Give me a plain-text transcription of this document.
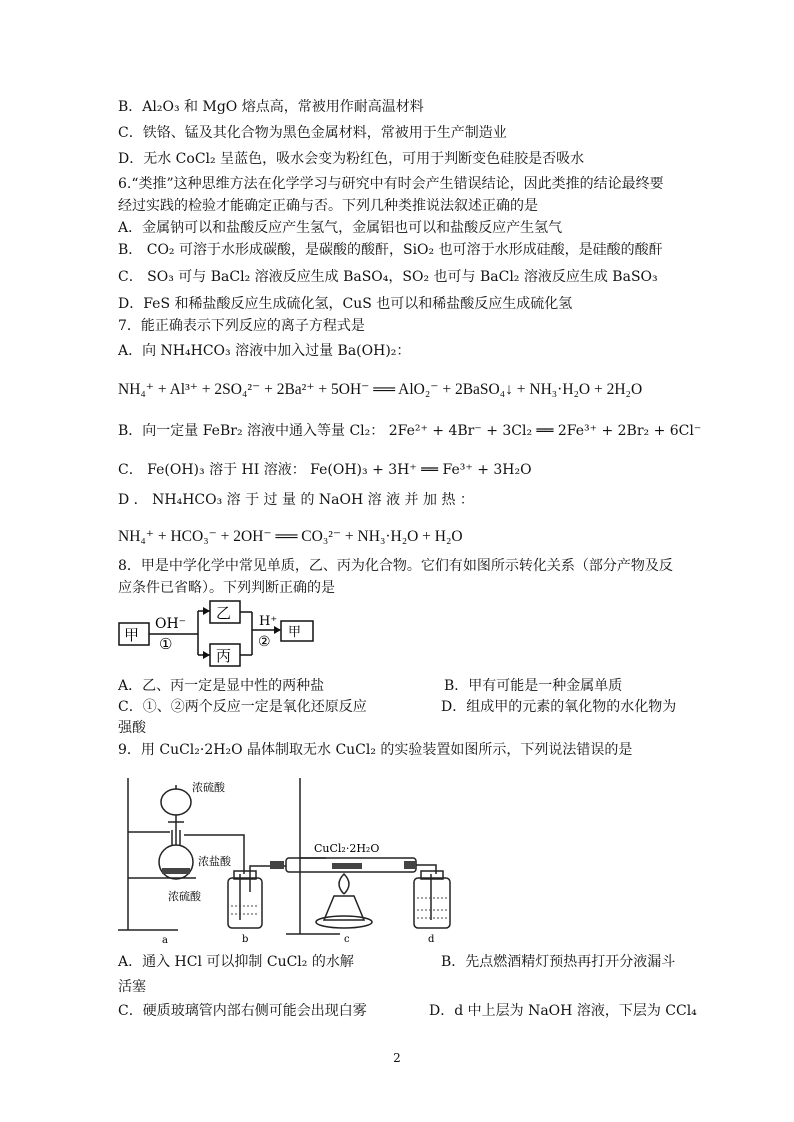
B．Al₂O₃ 和 MgO 熔点高，常被用作耐高温材料
C．铁铬、锰及其化合物为黑色金属材料，常被用于生产制造业
D．无水 CoCl₂ 呈蓝色，吸水会变为粉红色，可用于判断变色硅胶是否吸水
6.“类推”这种思维方法在化学学习与研究中有时会产生错误结论，因此类推的结论最终要
经过实践的检验才能确定正确与否。下列几种类推说法叙述正确的是
A．金属钠可以和盐酸反应产生氢气，金属铝也可以和盐酸反应产生氢气
B． CO₂ 可溶于水形成碳酸，是碳酸的酸酐，SiO₂ 也可溶于水形成硅酸，是硅酸的酸酐
C． SO₃ 可与 BaCl₂ 溶液反应生成 BaSO₄，SO₂ 也可与 BaCl₂ 溶液反应生成 BaSO₃
D．FeS 和稀盐酸反应生成硫化氢，CuS 也可以和稀盐酸反应生成硫化氢
7．能正确表示下列反应的离子方程式是
A．向 NH₄HCO₃ 溶液中加入过量 Ba(OH)₂：
NH₄⁺ + Al³⁺ + 2SO₄²⁻ + 2Ba²⁺ + 5OH⁻ ══ AlO₂⁻ + 2BaSO₄↓ + NH₃·H₂O + 2H₂O
B．向一定量 FeBr₂ 溶液中通入等量 Cl₂： 2Fe²⁺ + 4Br⁻ + 3Cl₂ ══ 2Fe³⁺ + 2Br₂ + 6Cl⁻
C． Fe(OH)₃ 溶于 HI 溶液： Fe(OH)₃ + 3H⁺ ══ Fe³⁺ + 3H₂O
D ． NH₄HCO₃ 溶 于 过 量 的 NaOH 溶 液 并 加 热 ：
NH₄⁺ + HCO₃⁻ + 2OH⁻ ══ CO₃²⁻ + NH₃·H₂O + H₂O
8．甲是中学化学中常见单质，乙、丙为化合物。它们有如图所示转化关系（部分产物及反
应条件已省略）。下列判断正确的是
甲
OH⁻
①
乙
丙
H⁺
②
甲
A．乙、丙一定是显中性的两种盐	B．甲有可能是一种金属单质
C．①、②两个反应一定是氧化还原反应	D．组成甲的元素的氧化物的水化物为
强酸
9．用 CuCl₂·2H₂O 晶体制取无水 CuCl₂ 的实验装置如图所示，下列说法错误的是
浓硫酸
浓盐酸
浓硫酸
CuCl₂·2H₂O
a	b	c	d
A．通入 HCl 可以抑制 CuCl₂ 的水解	B．先点燃酒精灯预热再打开分液漏斗
活塞
C．硬质玻璃管内部右侧可能会出现白雾	D．d 中上层为 NaOH 溶液，下层为 CCl₄
2
